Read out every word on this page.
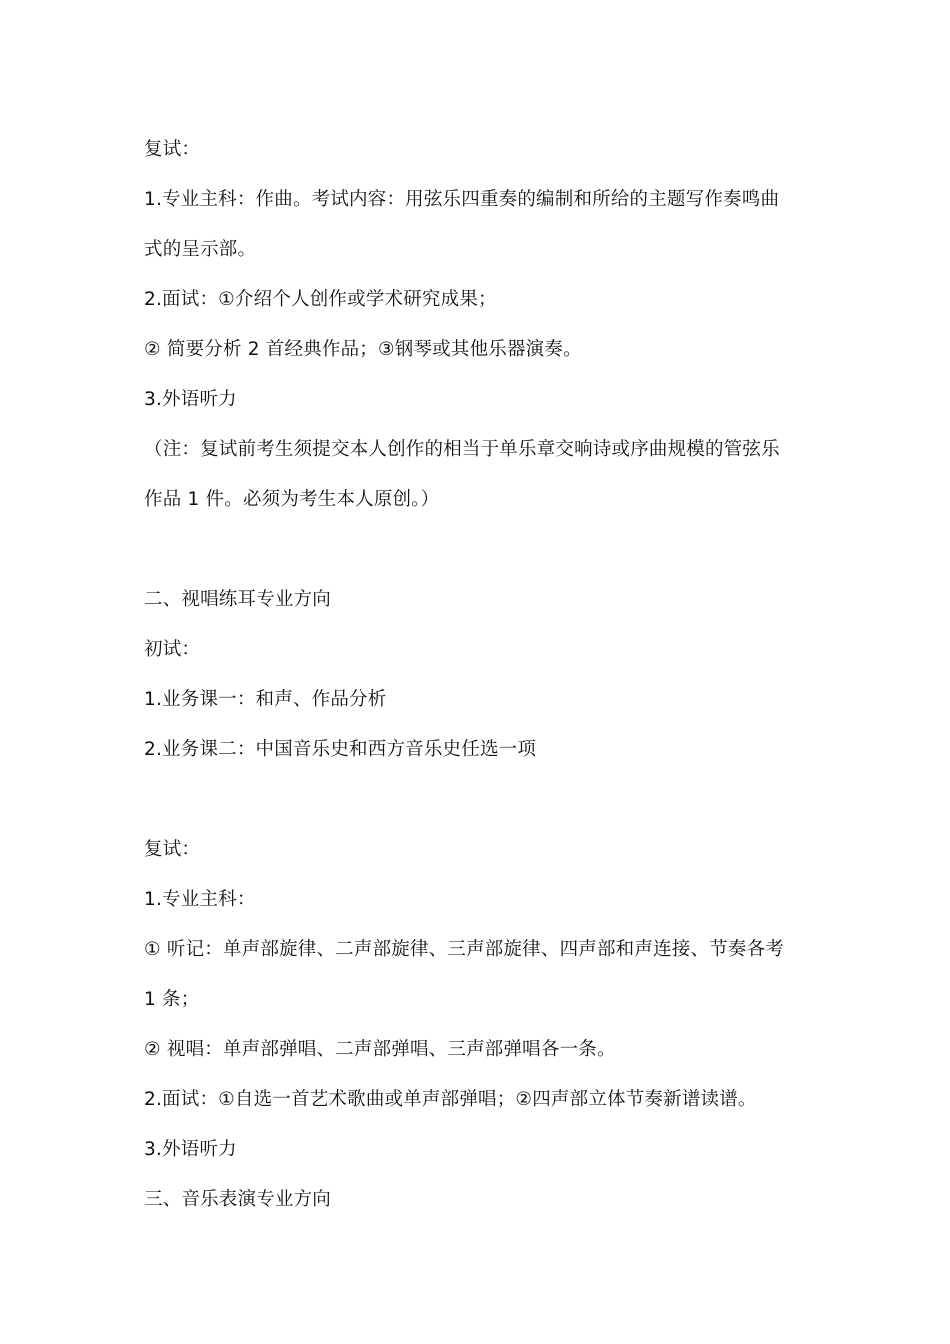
复试：
1.专业主科：作曲。考试内容：用弦乐四重奏的编制和所给的主题写作奏鸣曲
式的呈示部。
2.面试：①介绍个人创作或学术研究成果；
② 简要分析 2 首经典作品；③钢琴或其他乐器演奏。
3.外语听力
（注：复试前考生须提交本人创作的相当于单乐章交响诗或序曲规模的管弦乐
作品 1 件。必须为考生本人原创。）
二、视唱练耳专业方向
初试：
1.业务课一：和声、作品分析
2.业务课二：中国音乐史和西方音乐史任选一项
复试：
1.专业主科：
① 听记：单声部旋律、二声部旋律、三声部旋律、四声部和声连接、节奏各考
1 条；
② 视唱：单声部弹唱、二声部弹唱、三声部弹唱各一条。
2.面试：①自选一首艺术歌曲或单声部弹唱；②四声部立体节奏新谱读谱。
3.外语听力
三、音乐表演专业方向
